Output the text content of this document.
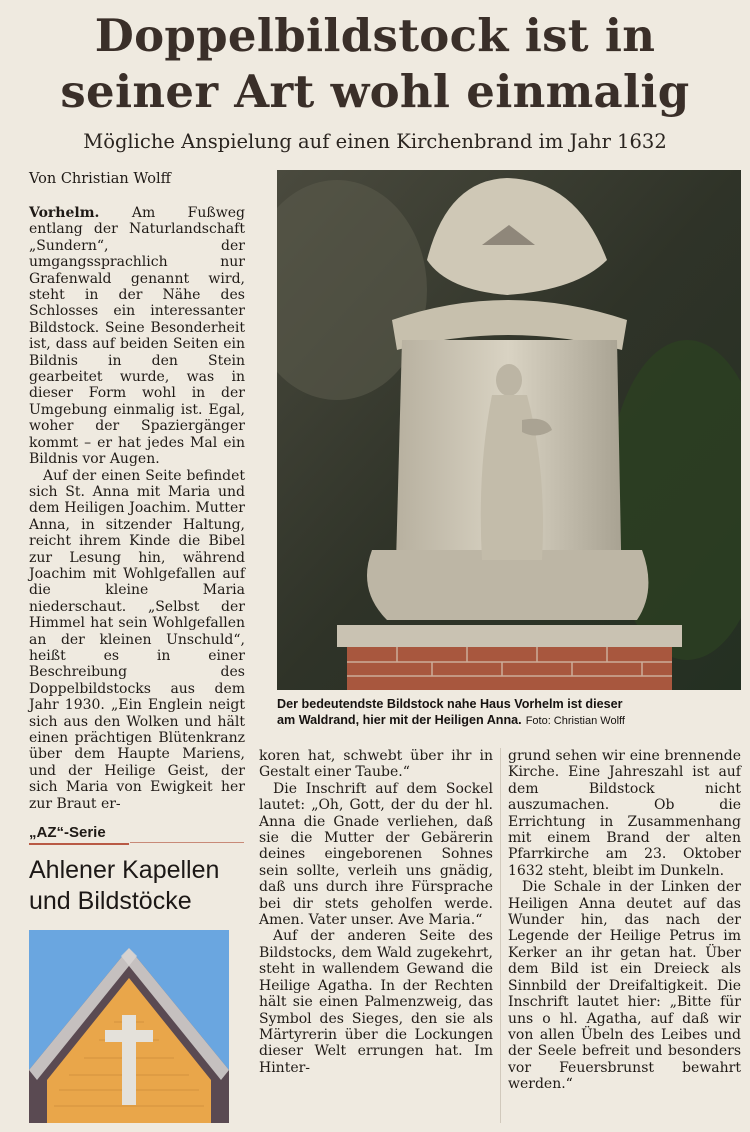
Doppelbildstock ist in
seiner Art wohl einmalig
Mögliche Anspielung auf einen Kirchenbrand im Jahr 1632
Von Christian Wolff

Vorhelm. Am Fußweg entlang der Naturlandschaft „Sundern“, der umgangssprachlich nur Grafenwald genannt wird, steht in der Nähe des Schlosses ein interessanter Bildstock. Seine Besonderheit ist, dass auf beiden Seiten ein Bildnis in den Stein gearbeitet wurde, was in dieser Form wohl in der Umgebung einmalig ist. Egal, woher der Spaziergänger kommt – er hat jedes Mal ein Bildnis vor Augen.

Auf der einen Seite befindet sich St. Anna mit Maria und dem Heiligen Joachim. Mutter Anna, in sitzender Haltung, reicht ihrem Kinde die Bibel zur Lesung hin, während Joachim mit Wohlgefallen auf die kleine Maria niederschaut. „Selbst der Himmel hat sein Wohlgefallen an der kleinen Unschuld“, heißt es in einer Beschreibung des Doppelbildstocks aus dem Jahr 1930. „Ein Englein neigt sich aus den Wolken und hält einen prächtigen Blütenkranz über dem Haupte Mariens, und der Heilige Geist, der sich Maria von Ewigkeit her zur Braut er-

Der bedeutendste Bildstock nahe Haus Vorhelm ist dieser
am Waldrand, hier mit der Heiligen Anna. Foto: Christian Wolff

koren hat, schwebt über ihr in Gestalt einer Taube.“

Die Inschrift auf dem Sockel lautet: „Oh, Gott, der du der hl. Anna die Gnade verliehen, daß sie die Mutter der Gebärerin deines eingeborenen Sohnes sein sollte, verleih uns gnädig, daß uns durch ihre Fürsprache bei dir stets geholfen werde. Amen. Vater unser. Ave Maria.“

Auf der anderen Seite des Bildstocks, dem Wald zugekehrt, steht in wallendem Gewand die Heilige Agatha. In der Rechten hält sie einen Palmenzweig, das Symbol des Sieges, den sie als Märtyrerin über die Lockungen dieser Welt errungen hat. Im Hinter-

grund sehen wir eine brennende Kirche. Eine Jahreszahl ist auf dem Bildstock nicht auszumachen. Ob die Errichtung in Zusammenhang mit einem Brand der alten Pfarrkirche am 23. Oktober 1632 steht, bleibt im Dunkeln.

Die Schale in der Linken der Heiligen Anna deutet auf das Wunder hin, das nach der Legende der Heilige Petrus im Kerker an ihr getan hat. Über dem Bild ist ein Dreieck als Sinnbild der Dreifaltigkeit. Die Inschrift lautet hier: „Bitte für uns o hl. Agatha, auf daß wir von allen Übeln des Leibes und der Seele befreit und besonders vor Feuersbrunst bewahrt werden.“

„AZ“-Serie
Ahlener Kapellen
und Bildstöcke
